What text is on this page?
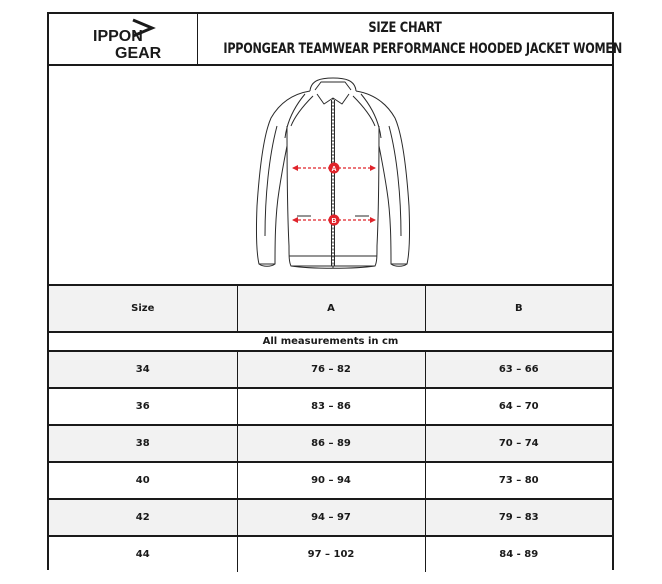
IPPON
GEAR
SIZE CHART
IPPONGEAR TEAMWEAR PERFORMANCE HOODED JACKET WOMEN
A
B
Size	A	B
All measurements in cm		
34	76 – 82	63 – 66
36	83 – 86	64 – 70
38	86 – 89	70 – 74
40	90 – 94	73 – 80
42	94 – 97	79 – 83
44	97 – 102	84 - 89
